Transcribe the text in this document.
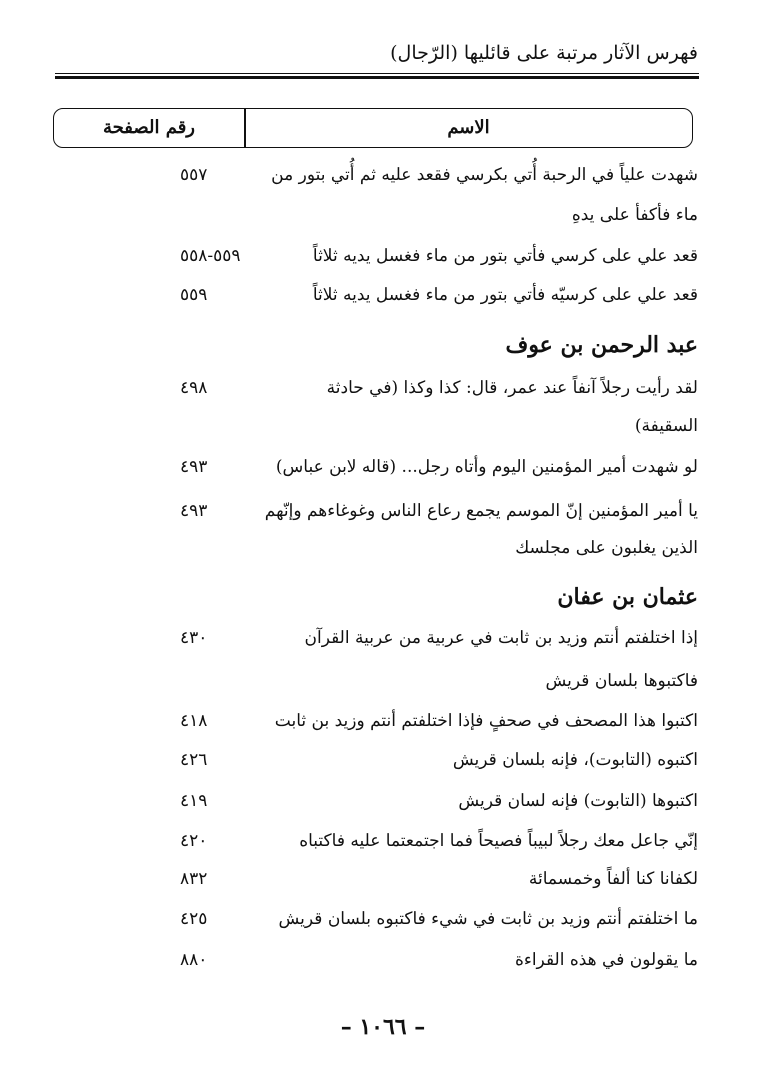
فهرس الآثار مرتبة على قائليها (الرّجال)
الاسم
رقم الصفحة
شهدت علياً في الرحبة أُتي بكرسي فقعد عليه ثم أُتي بتور من
٥٥٧
ماء فأكفأ على يدهِ
قعد علي على كرسي فأتي بتور من ماء فغسل يديه ثلاثاً
٥٥٩-٥٥٨
قعد علي على كرسيّه فأتي بتور من ماء فغسل يديه ثلاثاً
٥٥٩
عبد الرحمن بن عوف
لقد رأيت رجلاً آنفاً عند عمر، قال: كذا وكذا (في حادثة
٤٩٨
السقيفة)
لو شهدت أمير المؤمنين اليوم وأتاه رجل... (قاله لابن عباس)
٤٩٣
يا أمير المؤمنين إنّ الموسم يجمع رعاع الناس وغوغاءهم وإنّهم
٤٩٣
الذين يغلبون على مجلسك
عثمان بن عفان
إذا اختلفتم أنتم وزيد بن ثابت في عربية من عربية القرآن
٤٣٠
فاكتبوها بلسان قريش
اكتبوا هذا المصحف في صحفٍ فإذا اختلفتم أنتم وزيد بن ثابت
٤١٨
اكتبوه (التابوت)، فإنه بلسان قريش
٤٢٦
اكتبوها (التابوت) فإنه لسان قريش
٤١٩
إنّي جاعل معك رجلاً لبيباً فصيحاً فما اجتمعتما عليه فاكتباه
٤٢٠
لكفانا كنا ألفاً وخمسمائة
٨٣٢
ما اختلفتم أنتم وزيد بن ثابت في شيء فاكتبوه بلسان قريش
٤٢٥
ما يقولون في هذه القراءة
٨٨٠
– ١٠٦٦ –
